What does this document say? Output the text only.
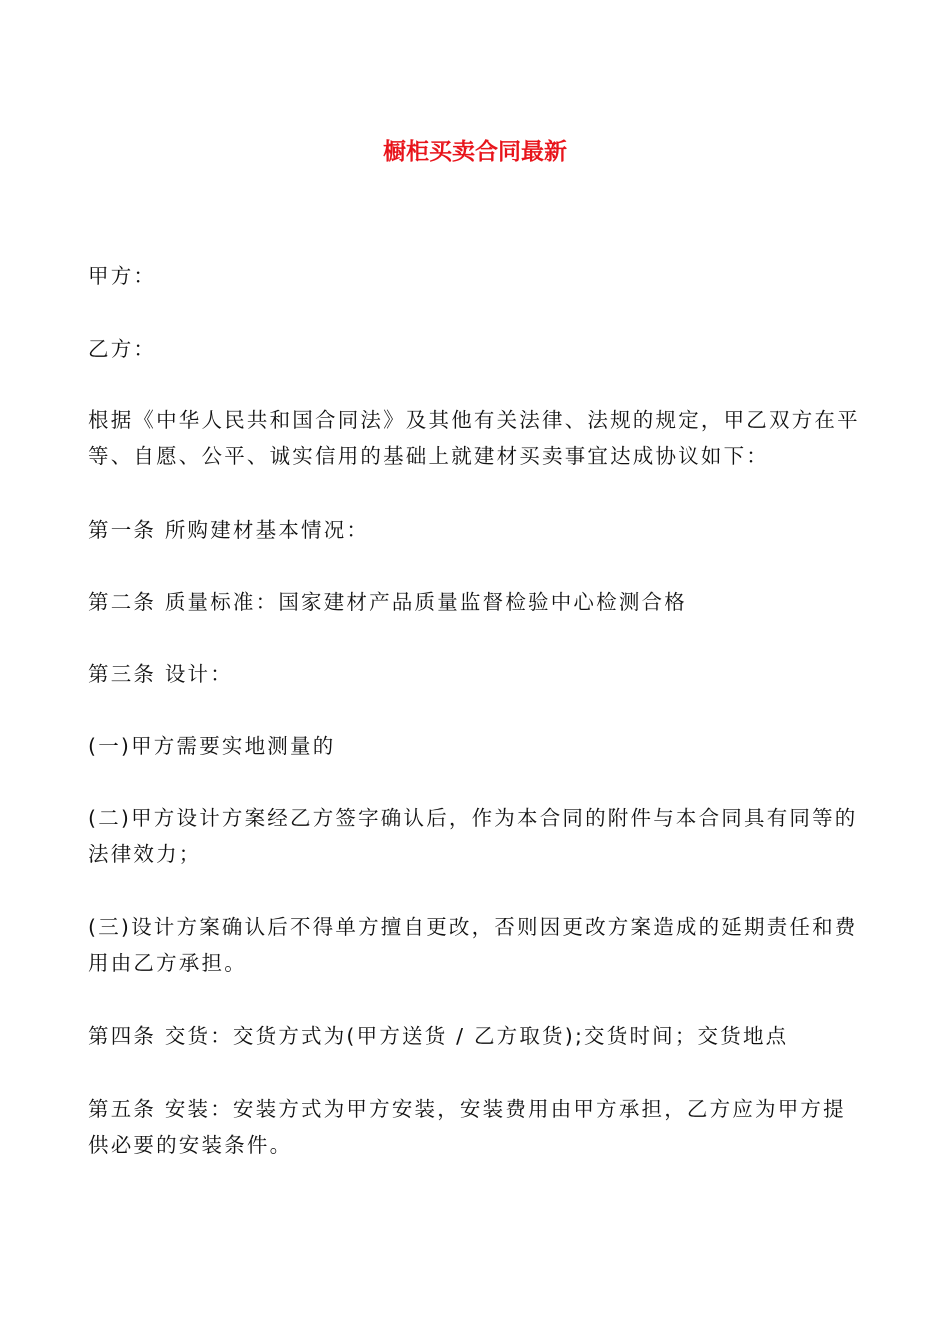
橱柜买卖合同最新

甲方：

乙方：

根据《中华人民共和国合同法》及其他有关法律、法规的规定，甲乙双方在平等、自愿、公平、诚实信用的基础上就建材买卖事宜达成协议如下：

第一条 所购建材基本情况：

第二条 质量标准：国家建材产品质量监督检验中心检测合格

第三条 设计：

(一)甲方需要实地测量的

(二)甲方设计方案经乙方签字确认后，作为本合同的附件与本合同具有同等的法律效力；

(三)设计方案确认后不得单方擅自更改，否则因更改方案造成的延期责任和费用由乙方承担。

第四条 交货：交货方式为(甲方送货 / 乙方取货);交货时间；交货地点

第五条 安装：安装方式为甲方安装，安装费用由甲方承担，乙方应为甲方提供必要的安装条件。
